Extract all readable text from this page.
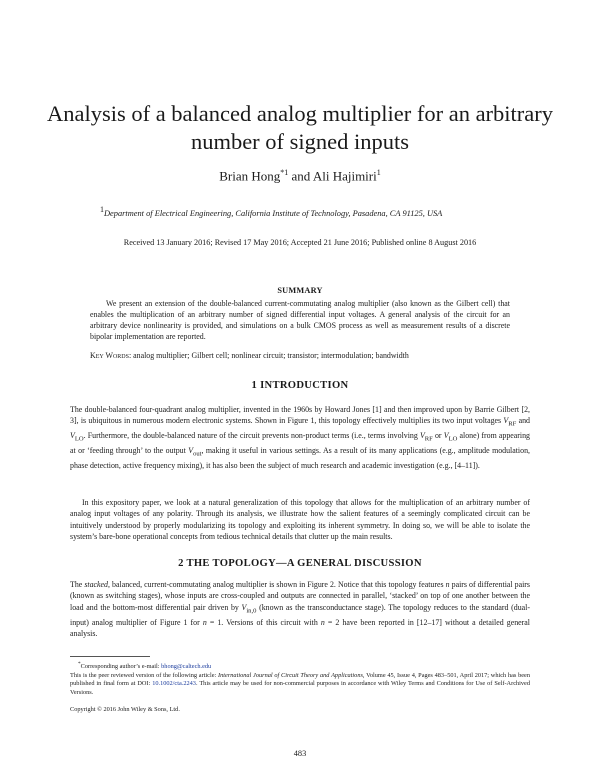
Analysis of a balanced analog multiplier for an arbitrary
number of signed inputs
Brian Hong$^{*1}$ and Ali Hajimiri$^1$
$^1$Department of Electrical Engineering, California Institute of Technology, Pasadena, CA 91125, USA
Received 13 January 2016; Revised 17 May 2016; Accepted 21 June 2016; Published online 8 August 2016
SUMMARY

We present an extension of the double-balanced current-commutating analog multiplier (also known as the Gilbert cell) that enables the multiplication of an arbitrary number of signed differential input voltages. A general analysis of the circuit for an arbitrary device nonlinearity is provided, and simulations on a bulk CMOS process as well as measurement results of a discrete bipolar implementation are reported.

Key Words: analog multiplier; Gilbert cell; nonlinear circuit; transistor; intermodulation; bandwidth
1 INTRODUCTION

The double-balanced four-quadrant analog multiplier, invented in the 1960s by Howard Jones [1] and then improved upon by Barrie Gilbert [2, 3], is ubiquitous in numerous modern electronic systems. Shown in Figure 1, this topology effectively multiplies its two input voltages $V_{RF}$ and $V_{LO}$. Furthermore, the double-balanced nature of the circuit prevents non-product terms (i.e., terms involving $V_{RF}$ or $V_{LO}$ alone) from appearing at or ‘feeding through’ to the output $V_{out}$, making it useful in various settings. As a result of its many applications (e.g., amplitude modulation, phase detection, active frequency mixing), it has also been the subject of much research and academic investigation (e.g., [4–11]).

In this expository paper, we look at a natural generalization of this topology that allows for the multiplication of an arbitrary number of analog input voltages of any polarity. Through its analysis, we illustrate how the salient features of a seemingly complicated circuit can be intuitively understood by properly modularizing its topology and exploiting its inherent symmetry. In doing so, we will be able to isolate the system’s bare-bone operational concepts from tedious technical details that clutter up the main results.

2 THE TOPOLOGY—A GENERAL DISCUSSION

The stacked, balanced, current-commutating analog multiplier is shown in Figure 2. Notice that this topology features n pairs of differential pairs (known as switching stages), whose inputs are cross-coupled and outputs are connected in parallel, ‘stacked’ on top of one another between the load and the bottom-most differential pair driven by $V_{in,0}$ (known as the transconductance stage). The topology reduces to the standard (dual-input) analog multiplier of Figure 1 for n = 1. Versions of this circuit with n = 2 have been reported in [12–17] without a detailed general analysis.

*Corresponding author’s e-mail: bhong@caltech.edu

This is the peer reviewed version of the following article: International Journal of Circuit Theory and Applications, Volume 45, Issue 4, Pages 483–501, April 2017; which has been published in final form at DOI: 10.1002/cta.2243. This article may be used for non-commercial purposes in accordance with Wiley Terms and Conditions for Use of Self-Archived Versions.

Copyright © 2016 John Wiley & Sons, Ltd.
483
